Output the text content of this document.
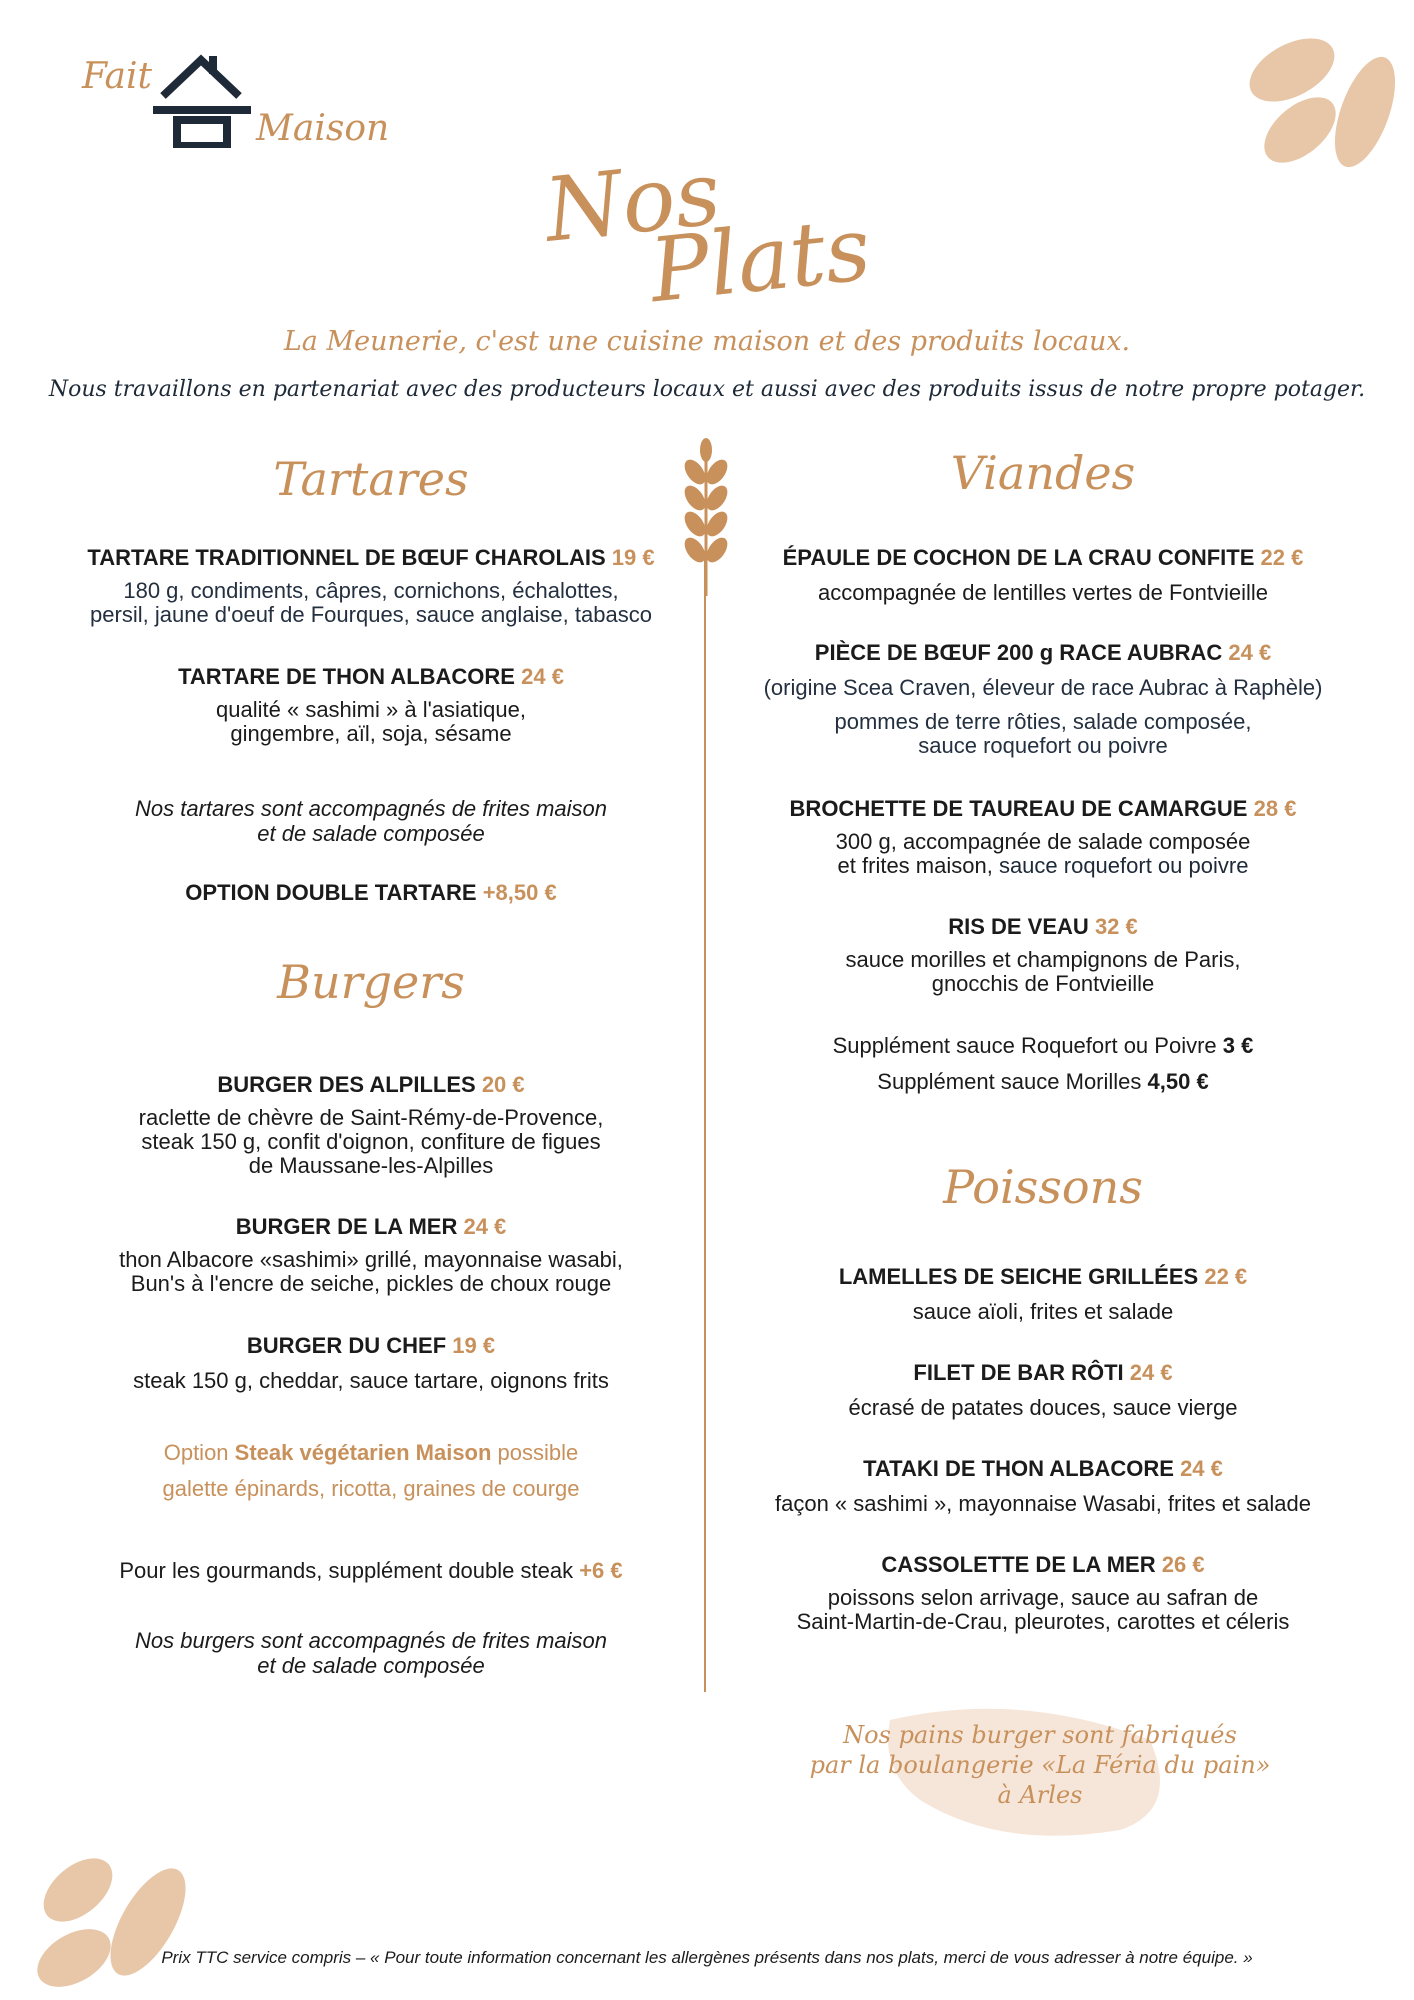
Fait
Maison
Nos
Plats
La Meunerie, c'est une cuisine maison et des produits locaux.
Nous travaillons en partenariat avec des producteurs locaux et aussi avec des produits issus de notre propre potager.
Tartares
TARTARE TRADITIONNEL DE BŒUF CHAROLAIS 19 €
180 g, condiments, câpres, cornichons, échalottes,
persil, jaune d'oeuf de Fourques, sauce anglaise, tabasco
TARTARE DE THON ALBACORE 24 €
qualité « sashimi » à l'asiatique,
gingembre, aïl, soja, sésame
Nos tartares sont accompagnés de frites maison
et de salade composée
OPTION DOUBLE TARTARE +8,50 €
Burgers
BURGER DES ALPILLES 20 €
raclette de chèvre de Saint-Rémy-de-Provence,
steak 150 g, confit d'oignon, confiture de figues
de Maussane-les-Alpilles
BURGER DE LA MER 24 €
thon Albacore «sashimi» grillé, mayonnaise wasabi,
Bun's à l'encre de seiche, pickles de choux rouge
BURGER DU CHEF 19 €
steak 150 g, cheddar, sauce tartare, oignons frits
Option Steak végétarien Maison possible
galette épinards, ricotta, graines de courge
Pour les gourmands, supplément double steak +6 €
Nos burgers sont accompagnés de frites maison
et de salade composée
Viandes
ÉPAULE DE COCHON DE LA CRAU CONFITE 22 €
accompagnée de lentilles vertes de Fontvieille
PIÈCE DE BŒUF 200 g RACE AUBRAC 24 €
(origine Scea Craven, éleveur de race Aubrac à Raphèle)
pommes de terre rôties, salade composée,
sauce roquefort ou poivre
BROCHETTE DE TAUREAU DE CAMARGUE 28 €
300 g, accompagnée de salade composée
et frites maison, sauce roquefort ou poivre
RIS DE VEAU 32 €
sauce morilles et champignons de Paris,
gnocchis de Fontvieille
Supplément sauce Roquefort ou Poivre 3 €
Supplément sauce Morilles 4,50 €
Poissons
LAMELLES DE SEICHE GRILLÉES 22 €
sauce aïoli, frites et salade
FILET DE BAR RÔTI 24 €
écrasé de patates douces, sauce vierge
TATAKI DE THON ALBACORE 24 €
façon « sashimi », mayonnaise Wasabi, frites et salade
CASSOLETTE DE LA MER 26 €
poissons selon arrivage, sauce au safran de
Saint-Martin-de-Crau, pleurotes, carottes et céleris
Nos pains burger sont fabriqués
par la boulangerie «La Féria du pain»
à Arles
Prix TTC service compris – « Pour toute information concernant les allergènes présents dans nos plats, merci de vous adresser à notre équipe. »
